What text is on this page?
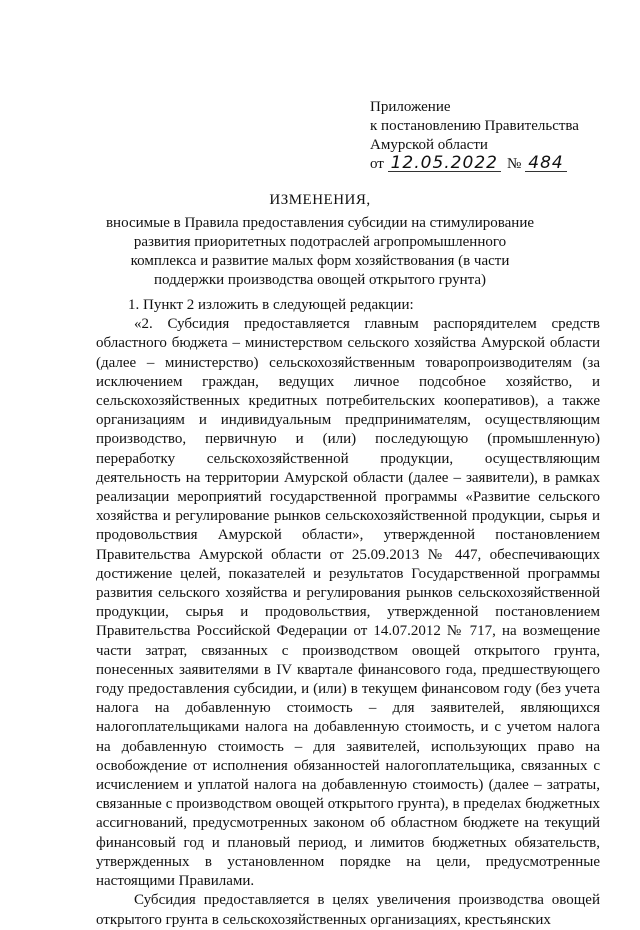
Приложение
к постановлению Правительства
Амурской области
от 12.05.2022 № 484
ИЗМЕНЕНИЯ,
вносимые в Правила предоставления субсидии на стимулирование развития приоритетных подотраслей агропромышленного комплекса и развитие малых форм хозяйствования (в части поддержки производства овощей открытого грунта)

1. Пункт 2 изложить в следующей редакции:

«2. Субсидия предоставляется главным распорядителем средств областного бюджета – министерством сельского хозяйства Амурской области (далее – министерство) сельскохозяйственным товаропроизводителям (за исключением граждан, ведущих личное подсобное хозяйство, и сельскохозяйственных кредитных потребительских кооперативов), а также организациям и индивидуальным предпринимателям, осуществляющим производство, первичную и (или) последующую (промышленную) переработку сельскохозяйственной продукции, осуществляющим деятельность на территории Амурской области (далее – заявители), в рамках реализации мероприятий государственной программы «Развитие сельского хозяйства и регулирование рынков сельскохозяйственной продукции, сырья и продовольствия Амурской области», утвержденной постановлением Правительства Амурской области от 25.09.2013 № 447, обеспечивающих достижение целей, показателей и результатов Государственной программы развития сельского хозяйства и регулирования рынков сельскохозяйственной продукции, сырья и продовольствия, утвержденной постановлением Правительства Российской Федерации от 14.07.2012 № 717, на возмещение части затрат, связанных с производством овощей открытого грунта, понесенных заявителями в IV квартале финансового года, предшествующего году предоставления субсидии, и (или) в текущем финансовом году (без учета налога на добавленную стоимость – для заявителей, являющихся налогоплательщиками налога на добавленную стоимость, и с учетом налога на добавленную стоимость – для заявителей, использующих право на освобождение от исполнения обязанностей налогоплательщика, связанных с исчислением и уплатой налога на добавленную стоимость) (далее – затраты, связанные с производством овощей открытого грунта), в пределах бюджетных ассигнований, предусмотренных законом об областном бюджете на текущий финансовый год и плановый период, и лимитов бюджетных обязательств, утвержденных в установленном порядке на цели, предусмотренные настоящими Правилами.

Субсидия предоставляется в целях увеличения производства овощей открытого грунта в сельскохозяйственных организациях, крестьянских
